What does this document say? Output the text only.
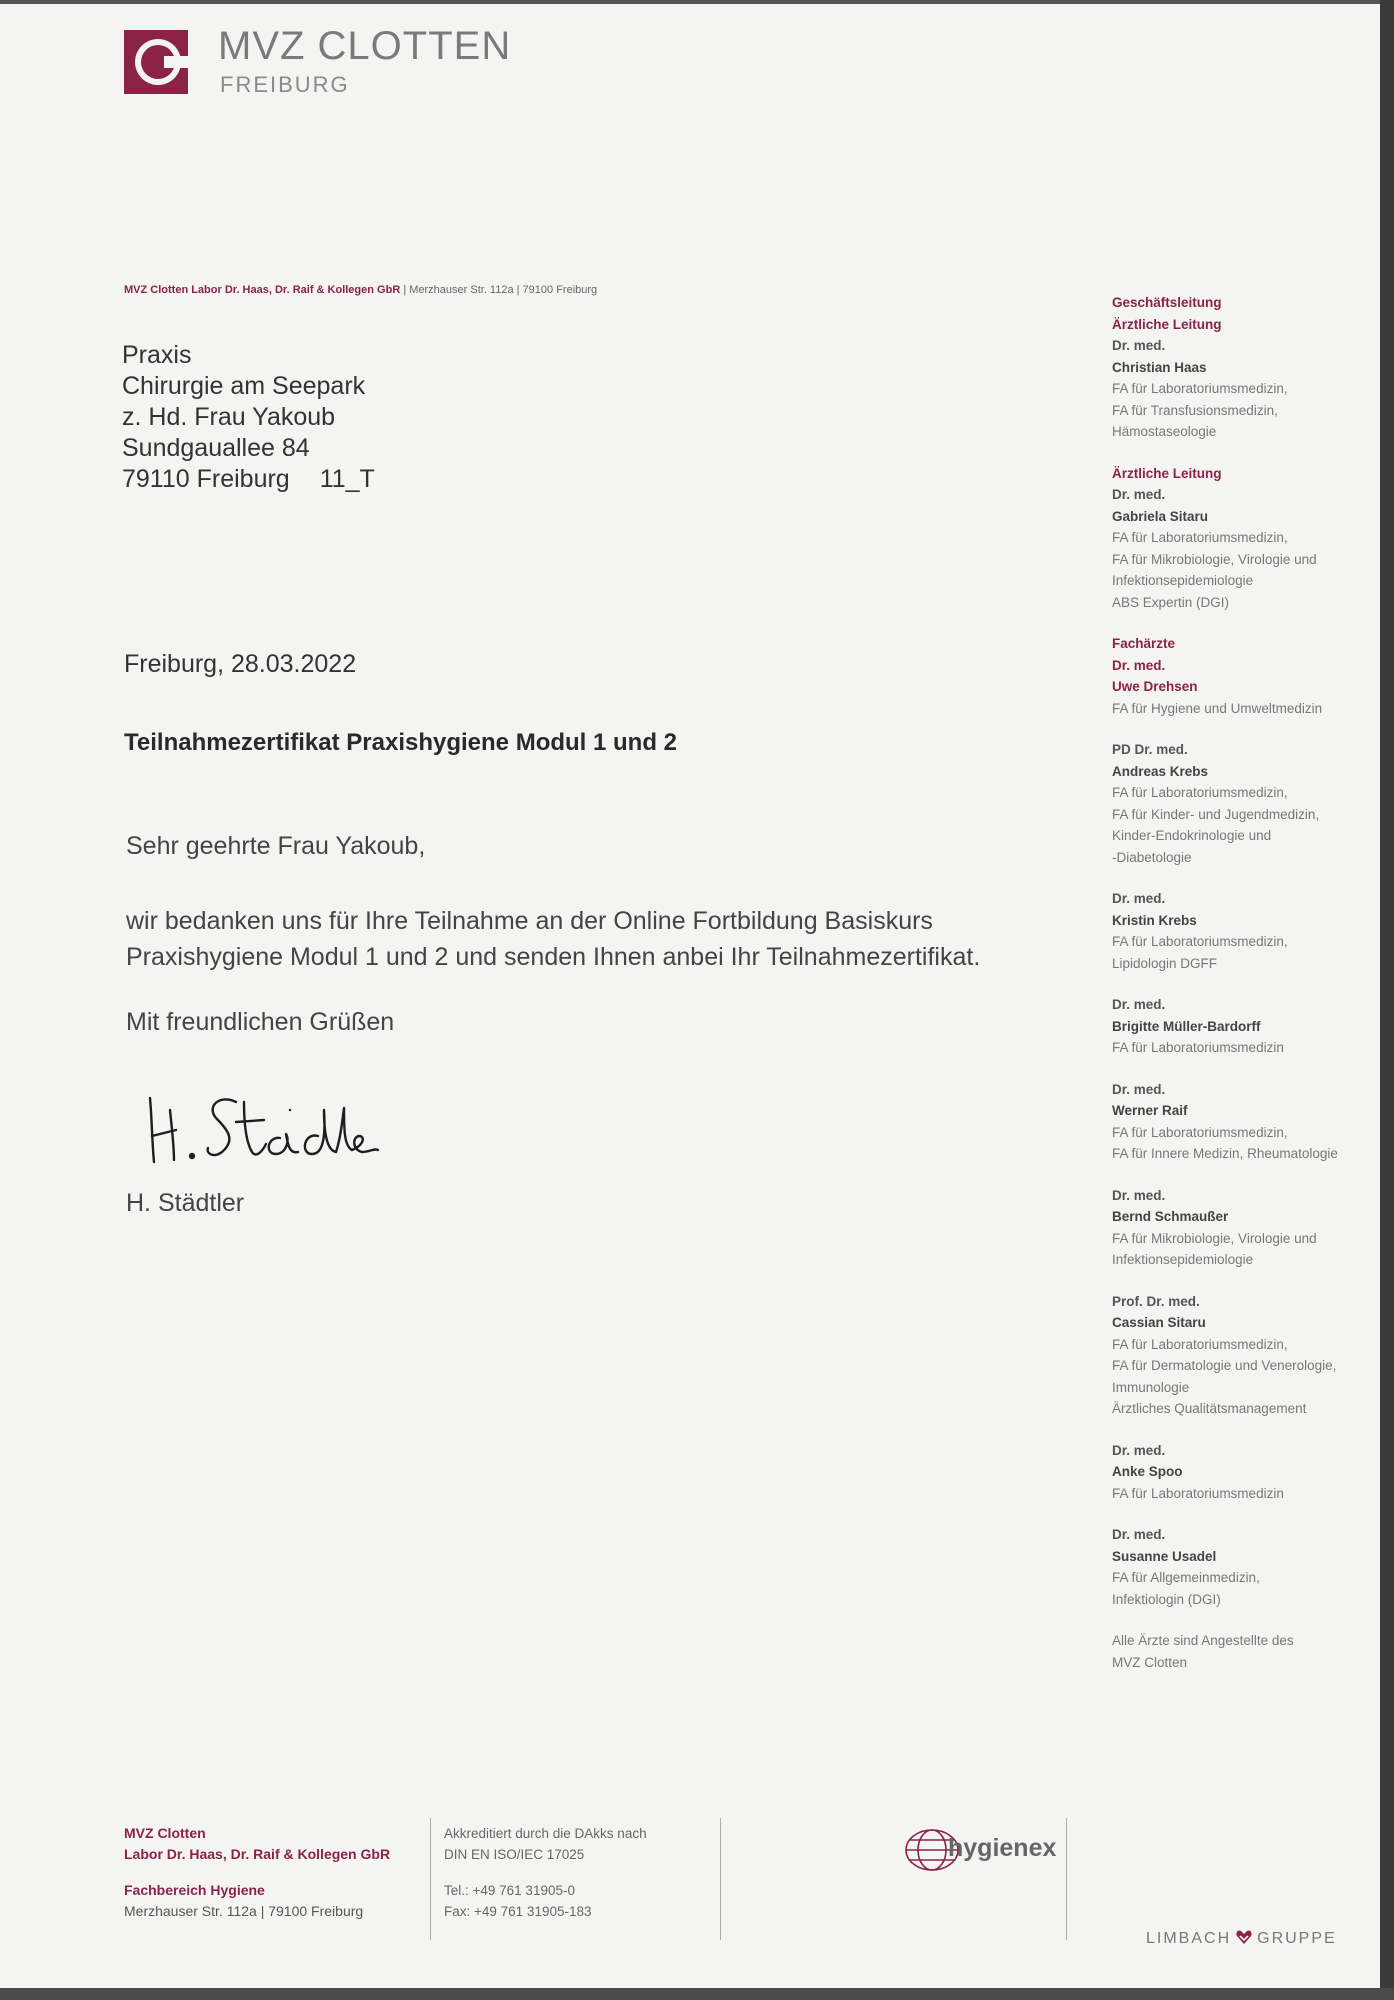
MVZ CLOTTEN
FREIBURG
MVZ Clotten Labor Dr. Haas, Dr. Raif & Kollegen GbR | Merzhauser Str. 112a | 79100 Freiburg
Praxis
Chirurgie am Seepark
z. Hd. Frau Yakoub
Sundgauallee 84
79110 Freiburg 11_T
Freiburg, 28.03.2022
Teilnahmezertifikat Praxishygiene Modul 1 und 2
Sehr geehrte Frau Yakoub,
wir bedanken uns für Ihre Teilnahme an der Online Fortbildung Basiskurs Praxishygiene Modul 1 und 2 und senden Ihnen anbei Ihr Teilnahmezertifikat.
Mit freundlichen Grüßen
H. Städtler
Geschäftsleitung
Ärztliche Leitung
Dr. med.
Christian Haas
FA für Laboratoriumsmedizin,
FA für Transfusionsmedizin,
Hämostaseologie
Ärztliche Leitung
Dr. med.
Gabriela Sitaru
FA für Laboratoriumsmedizin,
FA für Mikrobiologie, Virologie und
Infektionsepidemiologie
ABS Expertin (DGI)
Fachärzte
Dr. med.
Uwe Drehsen
FA für Hygiene und Umweltmedizin
PD Dr. med.
Andreas Krebs
FA für Laboratoriumsmedizin,
FA für Kinder- und Jugendmedizin,
Kinder-Endokrinologie und
-Diabetologie
Dr. med.
Kristin Krebs
FA für Laboratoriumsmedizin,
Lipidologin DGFF
Dr. med.
Brigitte Müller-Bardorff
FA für Laboratoriumsmedizin
Dr. med.
Werner Raif
FA für Laboratoriumsmedizin,
FA für Innere Medizin, Rheumatologie
Dr. med.
Bernd Schmaußer
FA für Mikrobiologie, Virologie und
Infektionsepidemiologie
Prof. Dr. med.
Cassian Sitaru
FA für Laboratoriumsmedizin,
FA für Dermatologie und Venerologie,
Immunologie
Ärztliches Qualitätsmanagement
Dr. med.
Anke Spoo
FA für Laboratoriumsmedizin
Dr. med.
Susanne Usadel
FA für Allgemeinmedizin,
Infektiologin (DGI)
Alle Ärzte sind Angestellte des
MVZ Clotten
MVZ Clotten
Labor Dr. Haas, Dr. Raif & Kollegen GbR
Fachbereich Hygiene
Merzhauser Str. 112a | 79100 Freiburg
Akkreditiert durch die DAkks nach
DIN EN ISO/IEC 17025
Tel.: +49 761 31905-0
Fax: +49 761 31905-183
hygienex
LIMBACH GRUPPE
